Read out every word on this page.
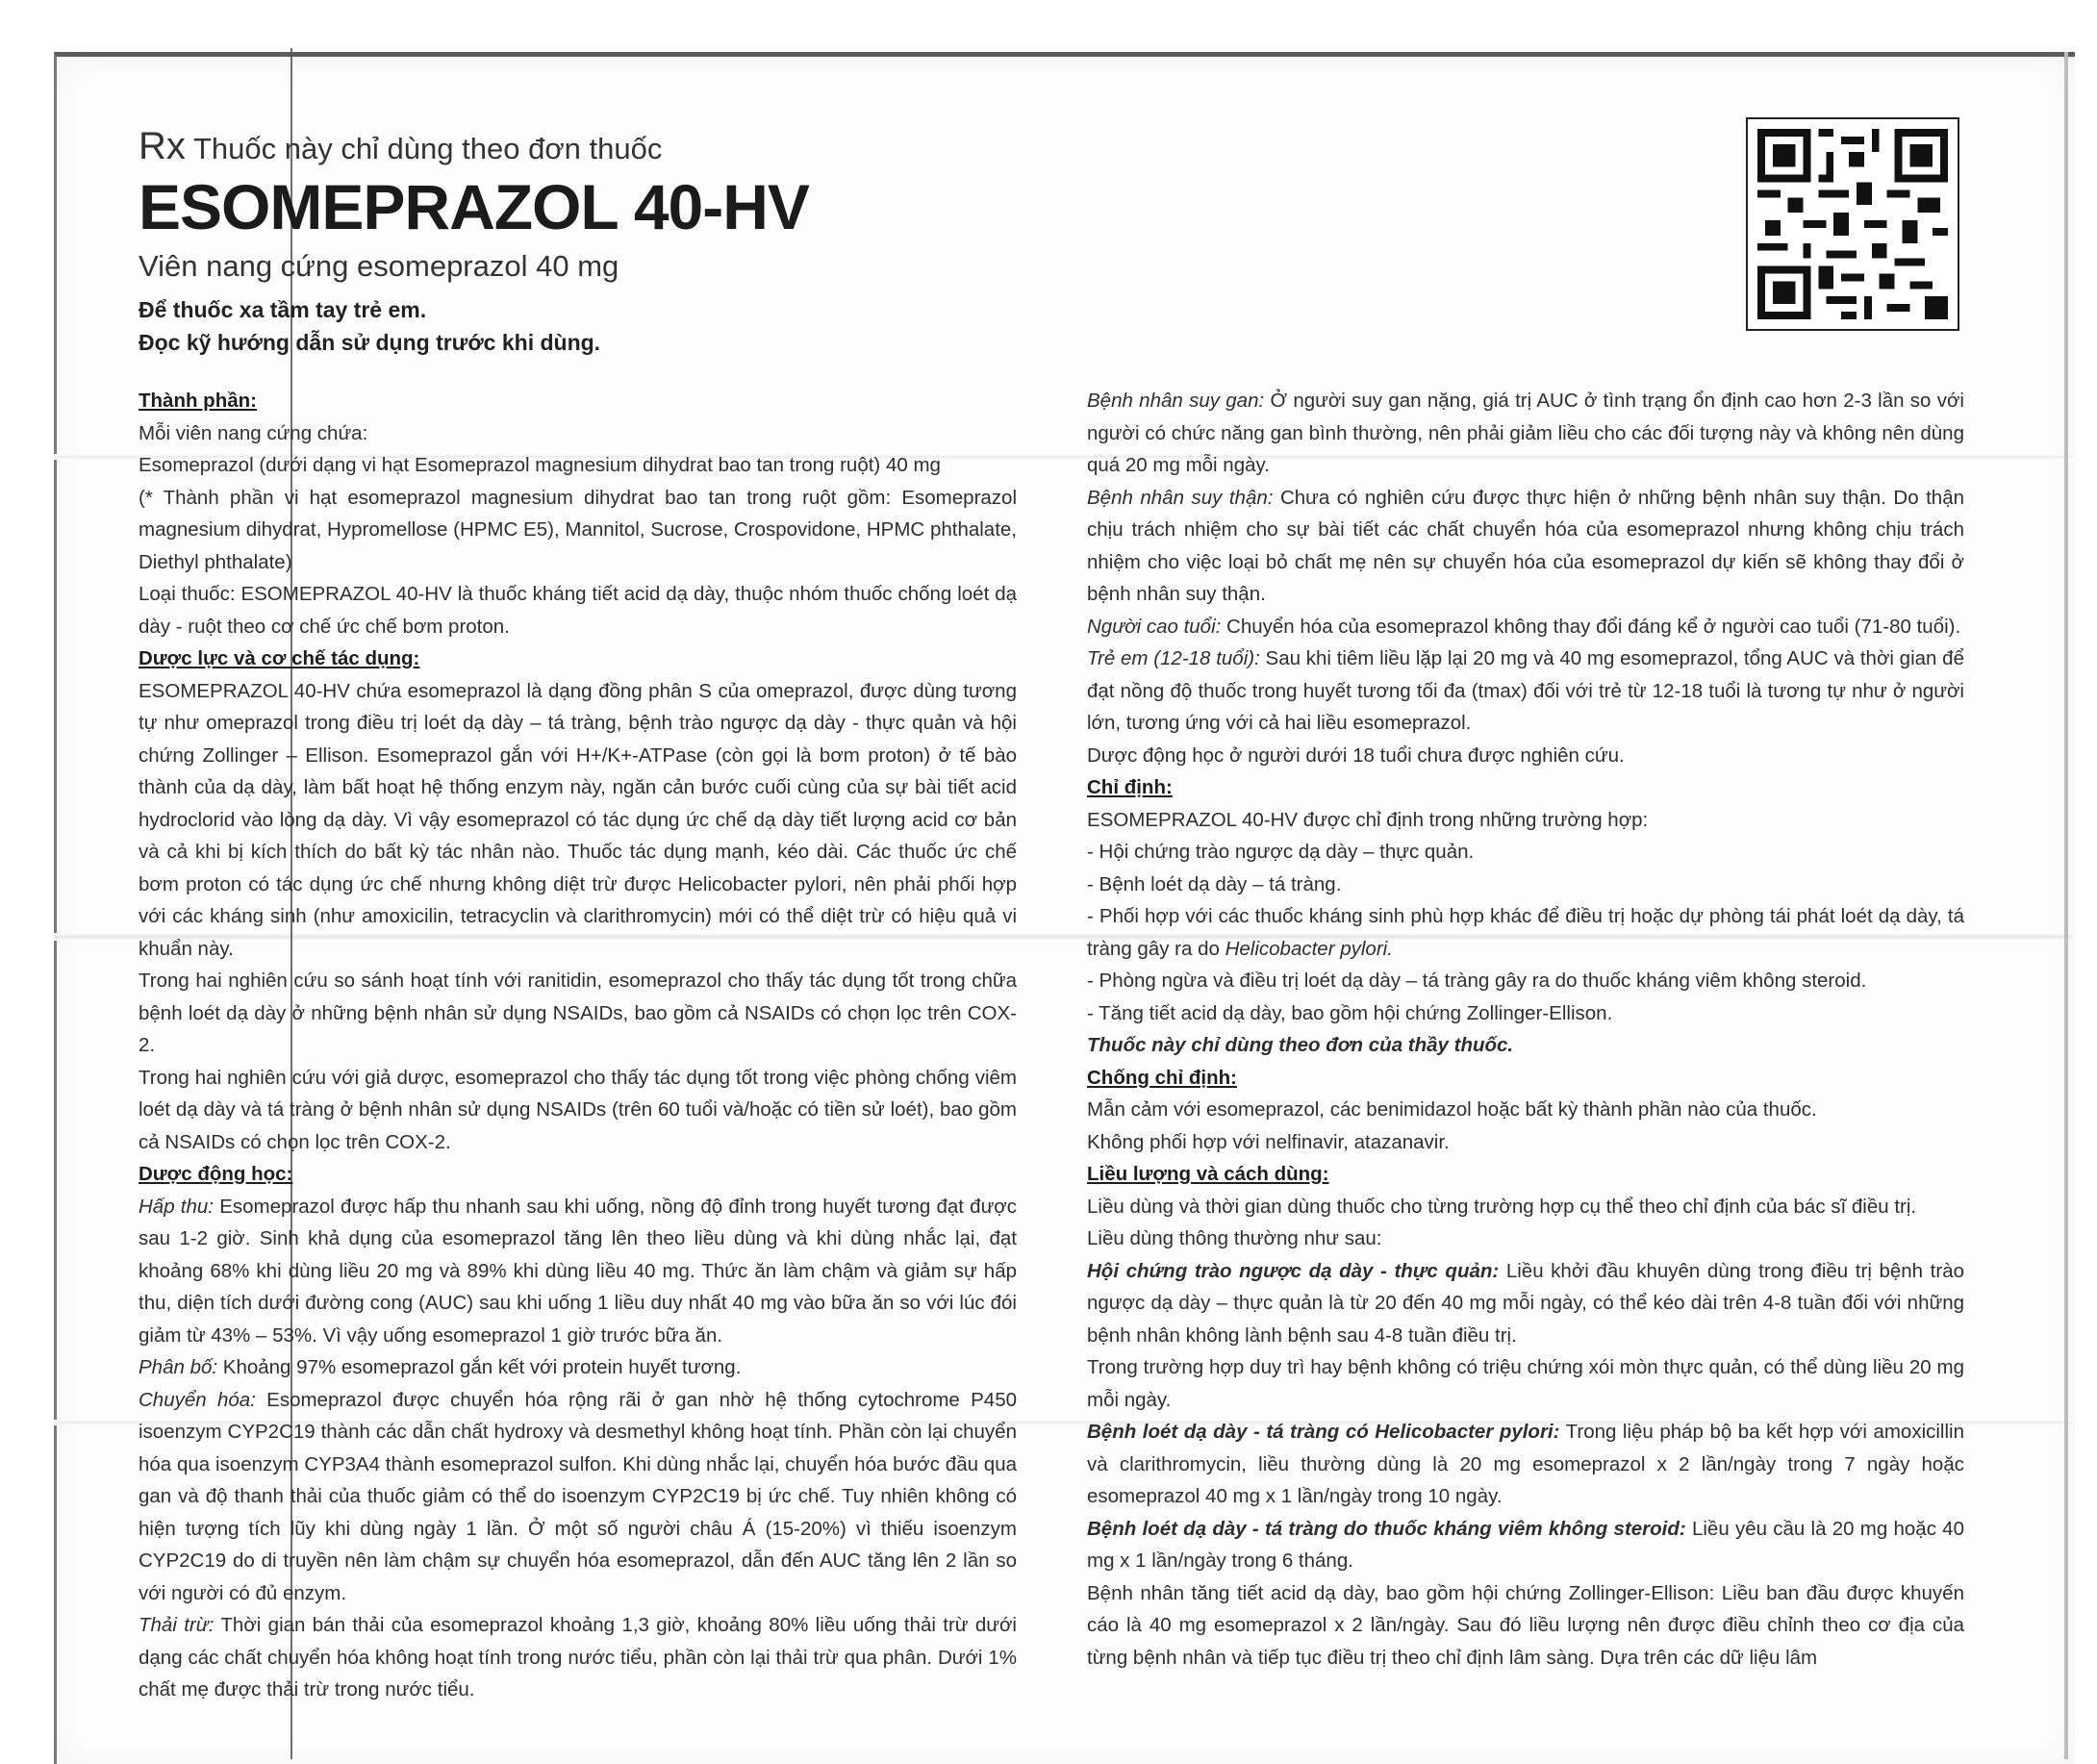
Rx Thuốc này chỉ dùng theo đơn thuốc
ESOMEPRAZOL 40-HV
Viên nang cứng esomeprazol 40 mg

Để thuốc xa tầm tay trẻ em.

Đọc kỹ hướng dẫn sử dụng trước khi dùng.

Thành phần:

Mỗi viên nang cứng chứa:

Esomeprazol (dưới dạng vi hạt Esomeprazol magnesium dihydrat bao tan trong ruột) 40 mg

(* Thành phần vi hạt esomeprazol magnesium dihydrat bao tan trong ruột gồm: Esomeprazol magnesium dihydrat, Hypromellose (HPMC E5), Mannitol, Sucrose, Crospovidone, HPMC phthalate, Diethyl phthalate)

Loại thuốc: ESOMEPRAZOL 40-HV là thuốc kháng tiết acid dạ dày, thuộc nhóm thuốc chống loét dạ dày - ruột theo cơ chế ức chế bơm proton.

Dược lực và cơ chế tác dụng:

ESOMEPRAZOL 40-HV chứa esomeprazol là dạng đồng phân S của omeprazol, được dùng tương tự như omeprazol trong điều trị loét dạ dày – tá tràng, bệnh trào ngược dạ dày - thực quản và hội chứng Zollinger – Ellison. Esomeprazol gắn với H+/K+-ATPase (còn gọi là bơm proton) ở tế bào thành của dạ dày, làm bất hoạt hệ thống enzym này, ngăn cản bước cuối cùng của sự bài tiết acid hydroclorid vào lòng dạ dày. Vì vậy esomeprazol có tác dụng ức chế dạ dày tiết lượng acid cơ bản và cả khi bị kích thích do bất kỳ tác nhân nào. Thuốc tác dụng mạnh, kéo dài. Các thuốc ức chế bơm proton có tác dụng ức chế nhưng không diệt trừ được Helicobacter pylori, nên phải phối hợp với các kháng sinh (như amoxicilin, tetracyclin và clarithromycin) mới có thể diệt trừ có hiệu quả vi khuẩn này.

Trong hai nghiên cứu so sánh hoạt tính với ranitidin, esomeprazol cho thấy tác dụng tốt trong chữa bệnh loét dạ dày ở những bệnh nhân sử dụng NSAIDs, bao gồm cả NSAIDs có chọn lọc trên COX-2.

Trong hai nghiên cứu với giả dược, esomeprazol cho thấy tác dụng tốt trong việc phòng chống viêm loét dạ dày và tá tràng ở bệnh nhân sử dụng NSAIDs (trên 60 tuổi và/hoặc có tiền sử loét), bao gồm cả NSAIDs có chọn lọc trên COX-2.

Dược động học:

Hấp thu: Esomeprazol được hấp thu nhanh sau khi uống, nồng độ đỉnh trong huyết tương đạt được sau 1-2 giờ. Sinh khả dụng của esomeprazol tăng lên theo liều dùng và khi dùng nhắc lại, đạt khoảng 68% khi dùng liều 20 mg và 89% khi dùng liều 40 mg. Thức ăn làm chậm và giảm sự hấp thu, diện tích dưới đường cong (AUC) sau khi uống 1 liều duy nhất 40 mg vào bữa ăn so với lúc đói giảm từ 43% – 53%. Vì vậy uống esomeprazol 1 giờ trước bữa ăn.

Phân bố: Khoảng 97% esomeprazol gắn kết với protein huyết tương.

Chuyển hóa: Esomeprazol được chuyển hóa rộng rãi ở gan nhờ hệ thống cytochrome P450 isoenzym CYP2C19 thành các dẫn chất hydroxy và desmethyl không hoạt tính. Phần còn lại chuyển hóa qua isoenzym CYP3A4 thành esomeprazol sulfon. Khi dùng nhắc lại, chuyển hóa bước đầu qua gan và độ thanh thải của thuốc giảm có thể do isoenzym CYP2C19 bị ức chế. Tuy nhiên không có hiện tượng tích lũy khi dùng ngày 1 lần. Ở một số người châu Á (15-20%) vì thiếu isoenzym CYP2C19 do di truyền nên làm chậm sự chuyển hóa esomeprazol, dẫn đến AUC tăng lên 2 lần so với người có đủ enzym.

Thải trừ: Thời gian bán thải của esomeprazol khoảng 1,3 giờ, khoảng 80% liều uống thải trừ dưới dạng các chất chuyển hóa không hoạt tính trong nước tiểu, phần còn lại thải trừ qua phân. Dưới 1% chất mẹ được thải trừ trong nước tiểu.

Bệnh nhân suy gan: Ở người suy gan nặng, giá trị AUC ở tình trạng ổn định cao hơn 2-3 lần so với người có chức năng gan bình thường, nên phải giảm liều cho các đối tượng này và không nên dùng quá 20 mg mỗi ngày.

Bệnh nhân suy thận: Chưa có nghiên cứu được thực hiện ở những bệnh nhân suy thận. Do thận chịu trách nhiệm cho sự bài tiết các chất chuyển hóa của esomeprazol nhưng không chịu trách nhiệm cho việc loại bỏ chất mẹ nên sự chuyển hóa của esomeprazol dự kiến sẽ không thay đổi ở bệnh nhân suy thận.

Người cao tuổi: Chuyển hóa của esomeprazol không thay đổi đáng kể ở người cao tuổi (71-80 tuổi).

Trẻ em (12-18 tuổi): Sau khi tiêm liều lặp lại 20 mg và 40 mg esomeprazol, tổng AUC và thời gian để đạt nồng độ thuốc trong huyết tương tối đa (tmax) đối với trẻ từ 12-18 tuổi là tương tự như ở người lớn, tương ứng với cả hai liều esomeprazol.

Dược động học ở người dưới 18 tuổi chưa được nghiên cứu.

Chỉ định:

ESOMEPRAZOL 40-HV được chỉ định trong những trường hợp:

- Hội chứng trào ngược dạ dày – thực quản.

- Bệnh loét dạ dày – tá tràng.

- Phối hợp với các thuốc kháng sinh phù hợp khác để điều trị hoặc dự phòng tái phát loét dạ dày, tá tràng gây ra do Helicobacter pylori.

- Phòng ngừa và điều trị loét dạ dày – tá tràng gây ra do thuốc kháng viêm không steroid.

- Tăng tiết acid dạ dày, bao gồm hội chứng Zollinger-Ellison.

Thuốc này chỉ dùng theo đơn của thầy thuốc.

Chống chỉ định:

Mẫn cảm với esomeprazol, các benimidazol hoặc bất kỳ thành phần nào của thuốc.

Không phối hợp với nelfinavir, atazanavir.

Liều lượng và cách dùng:

Liều dùng và thời gian dùng thuốc cho từng trường hợp cụ thể theo chỉ định của bác sĩ điều trị.

Liều dùng thông thường như sau:

Hội chứng trào ngược dạ dày - thực quản: Liều khởi đầu khuyên dùng trong điều trị bệnh trào ngược dạ dày – thực quản là từ 20 đến 40 mg mỗi ngày, có thể kéo dài trên 4-8 tuần đối với những bệnh nhân không lành bệnh sau 4-8 tuần điều trị.

Trong trường hợp duy trì hay bệnh không có triệu chứng xói mòn thực quản, có thể dùng liều 20 mg mỗi ngày.

Bệnh loét dạ dày - tá tràng có Helicobacter pylori: Trong liệu pháp bộ ba kết hợp với amoxicillin và clarithromycin, liều thường dùng là 20 mg esomeprazol x 2 lần/ngày trong 7 ngày hoặc esomeprazol 40 mg x 1 lần/ngày trong 10 ngày.

Bệnh loét dạ dày - tá tràng do thuốc kháng viêm không steroid: Liều yêu cầu là 20 mg hoặc 40 mg x 1 lần/ngày trong 6 tháng.

Bệnh nhân tăng tiết acid dạ dày, bao gồm hội chứng Zollinger-Ellison: Liều ban đầu được khuyến cáo là 40 mg esomeprazol x 2 lần/ngày. Sau đó liều lượng nên được điều chỉnh theo cơ địa của từng bệnh nhân và tiếp tục điều trị theo chỉ định lâm sàng. Dựa trên các dữ liệu lâm
